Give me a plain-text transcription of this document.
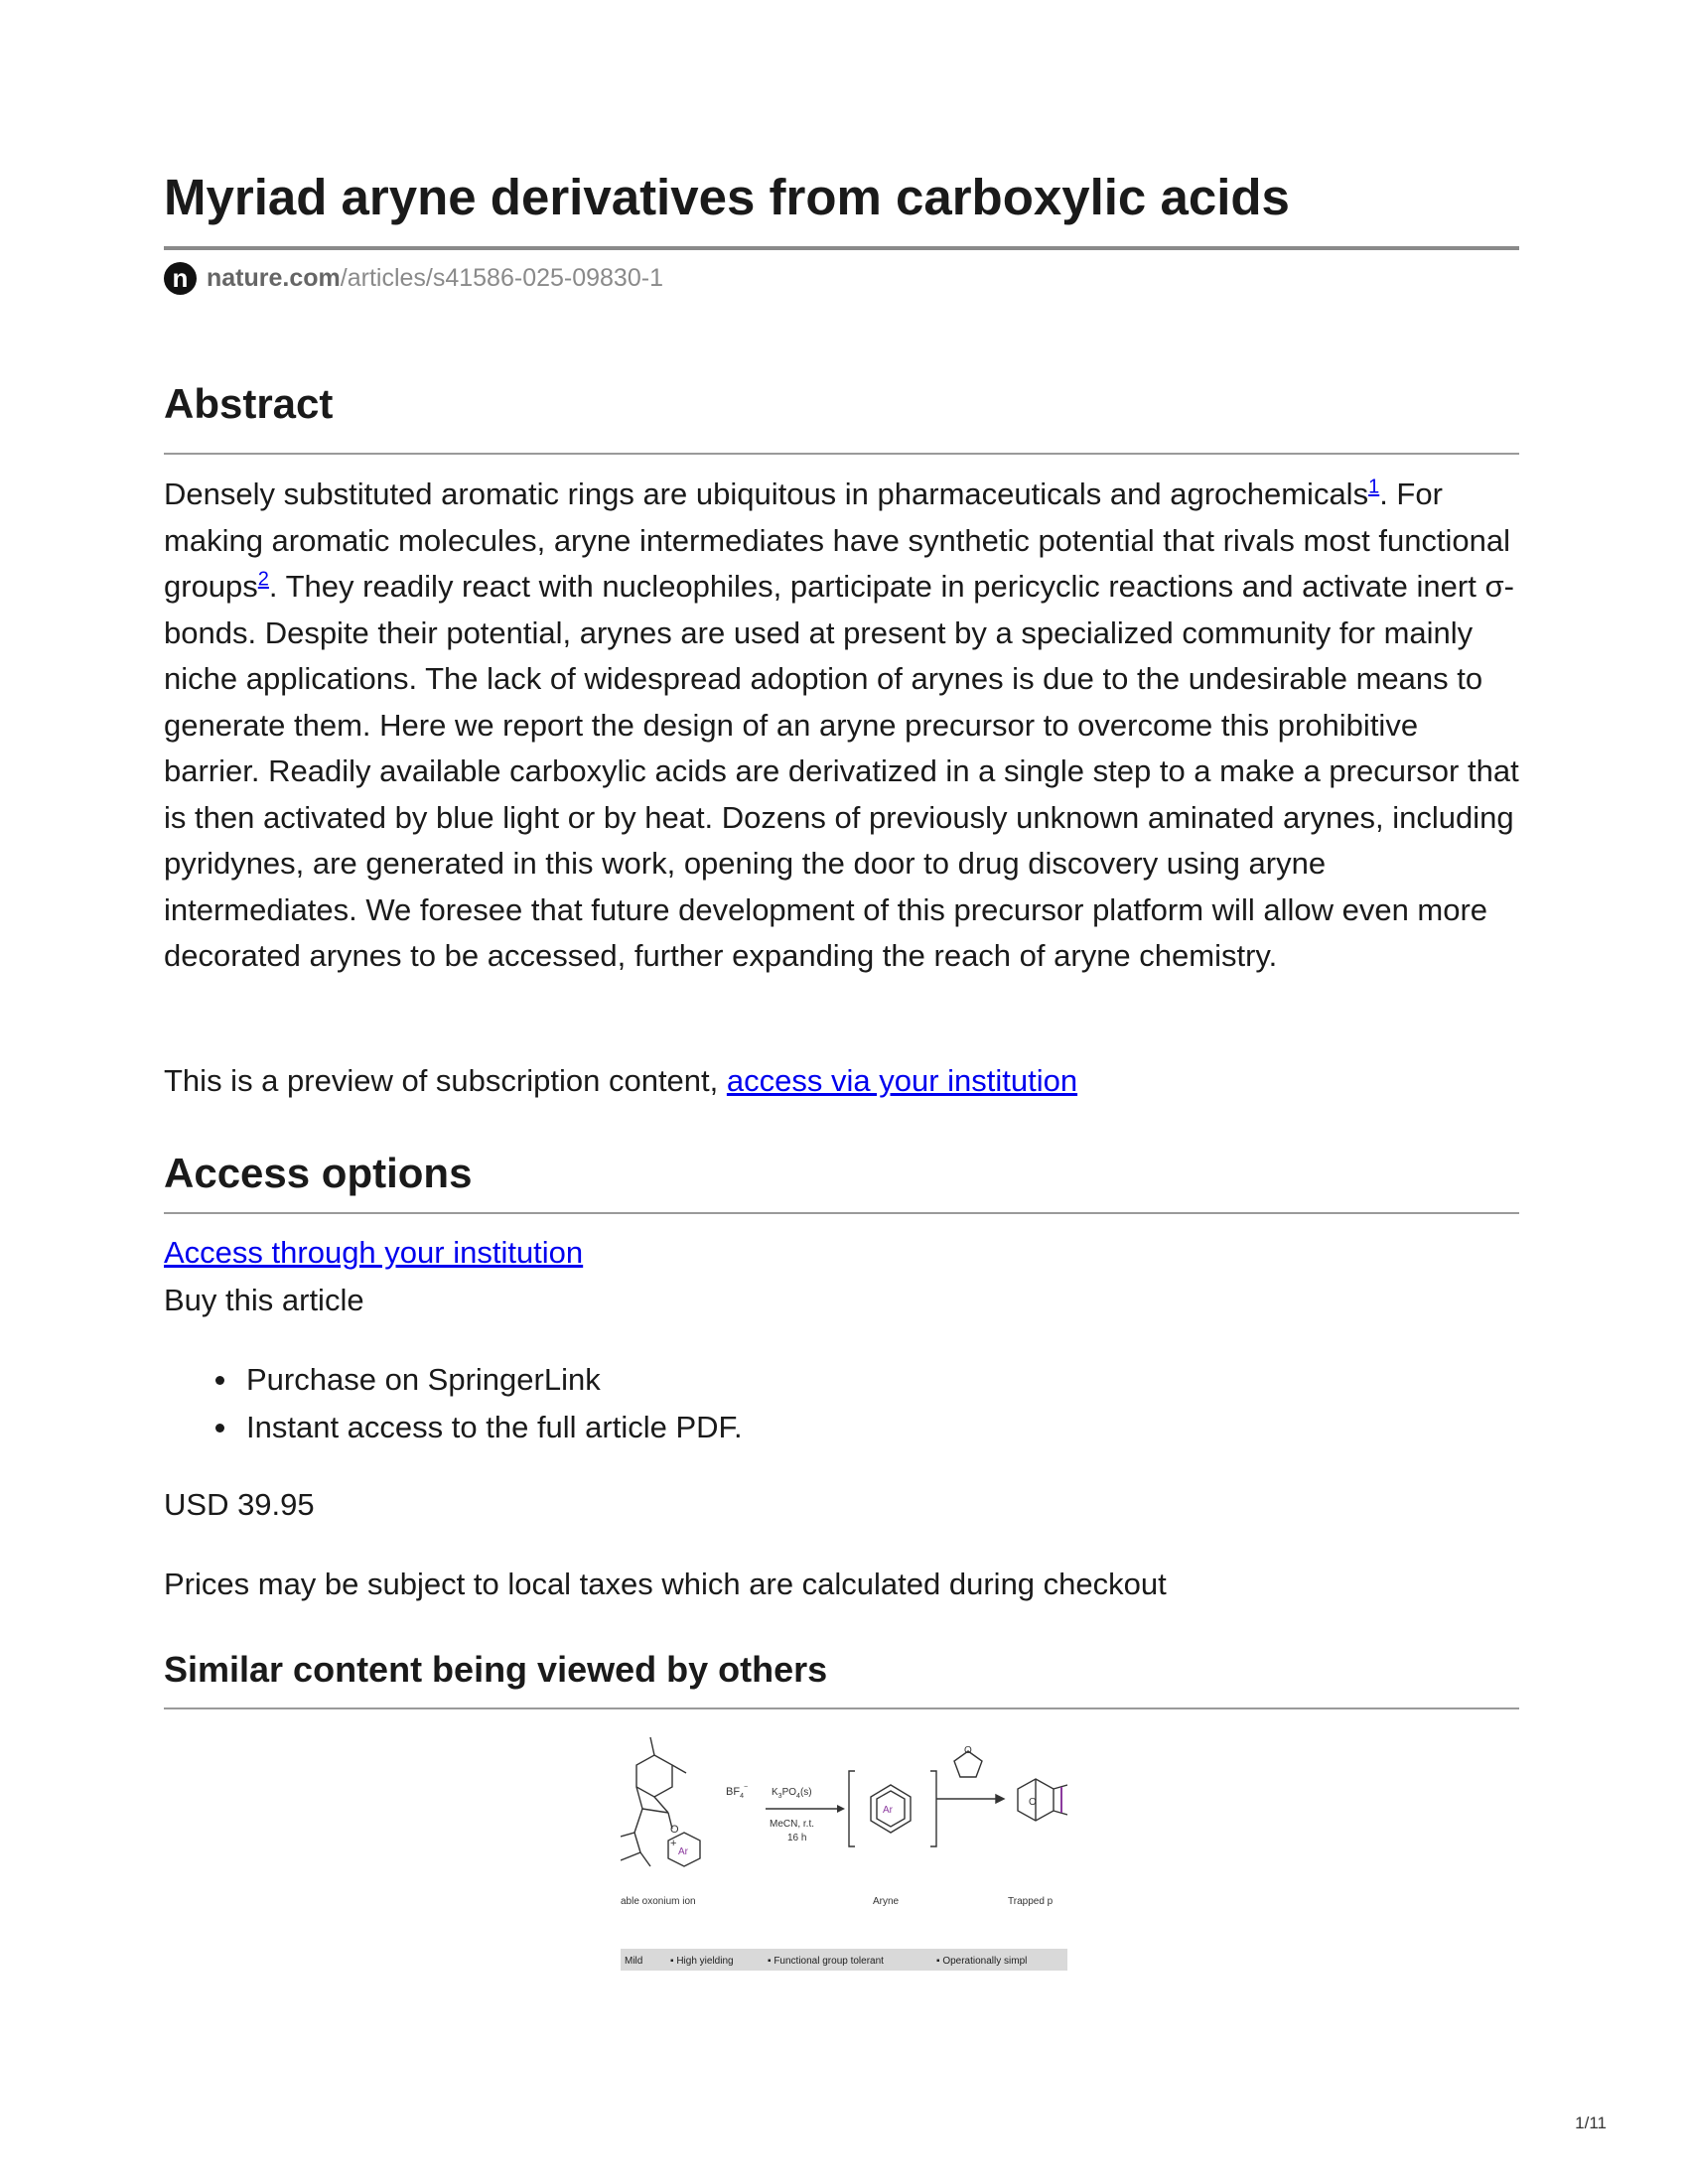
Myriad aryne derivatives from carboxylic acids
n nature.com /articles/s41586-025-09830-1
Abstract

Densely substituted aromatic rings are ubiquitous in pharmaceuticals and agrochemicals$^1$. For making aromatic molecules, aryne intermediates have synthetic potential that rivals most functional groups$^2$. They readily react with nucleophiles, participate in pericyclic reactions and activate inert σ-bonds. Despite their potential, arynes are used at present by a specialized community for mainly niche applications. The lack of widespread adoption of arynes is due to the undesirable means to generate them. Here we report the design of an aryne precursor to overcome this prohibitive barrier. Readily available carboxylic acids are derivatized in a single step to a make a precursor that is then activated by blue light or by heat. Dozens of previously unknown aminated arynes, including pyridynes, are generated in this work, opening the door to drug discovery using aryne intermediates. We foresee that future development of this precursor platform will allow even more decorated arynes to be accessed, further expanding the reach of aryne chemistry.

This is a preview of subscription content, access via your institution

Access options
Access through your institution

Buy this article

Purchase on SpringerLink
Instant access to the full article PDF.

USD 39.95

Prices may be subject to local taxes which are calculated during checkout

Similar content being viewed by others
O
+
Ar
$BF_4^-$ $K_3PO_4(s)$
MeCN, r.t.
16 h
Ar
O
O
able oxonium ion	Aryne	Trapped p
Mild	▪ High yielding	▪ Functional group tolerant	▪ Operationally simpl
1/11
